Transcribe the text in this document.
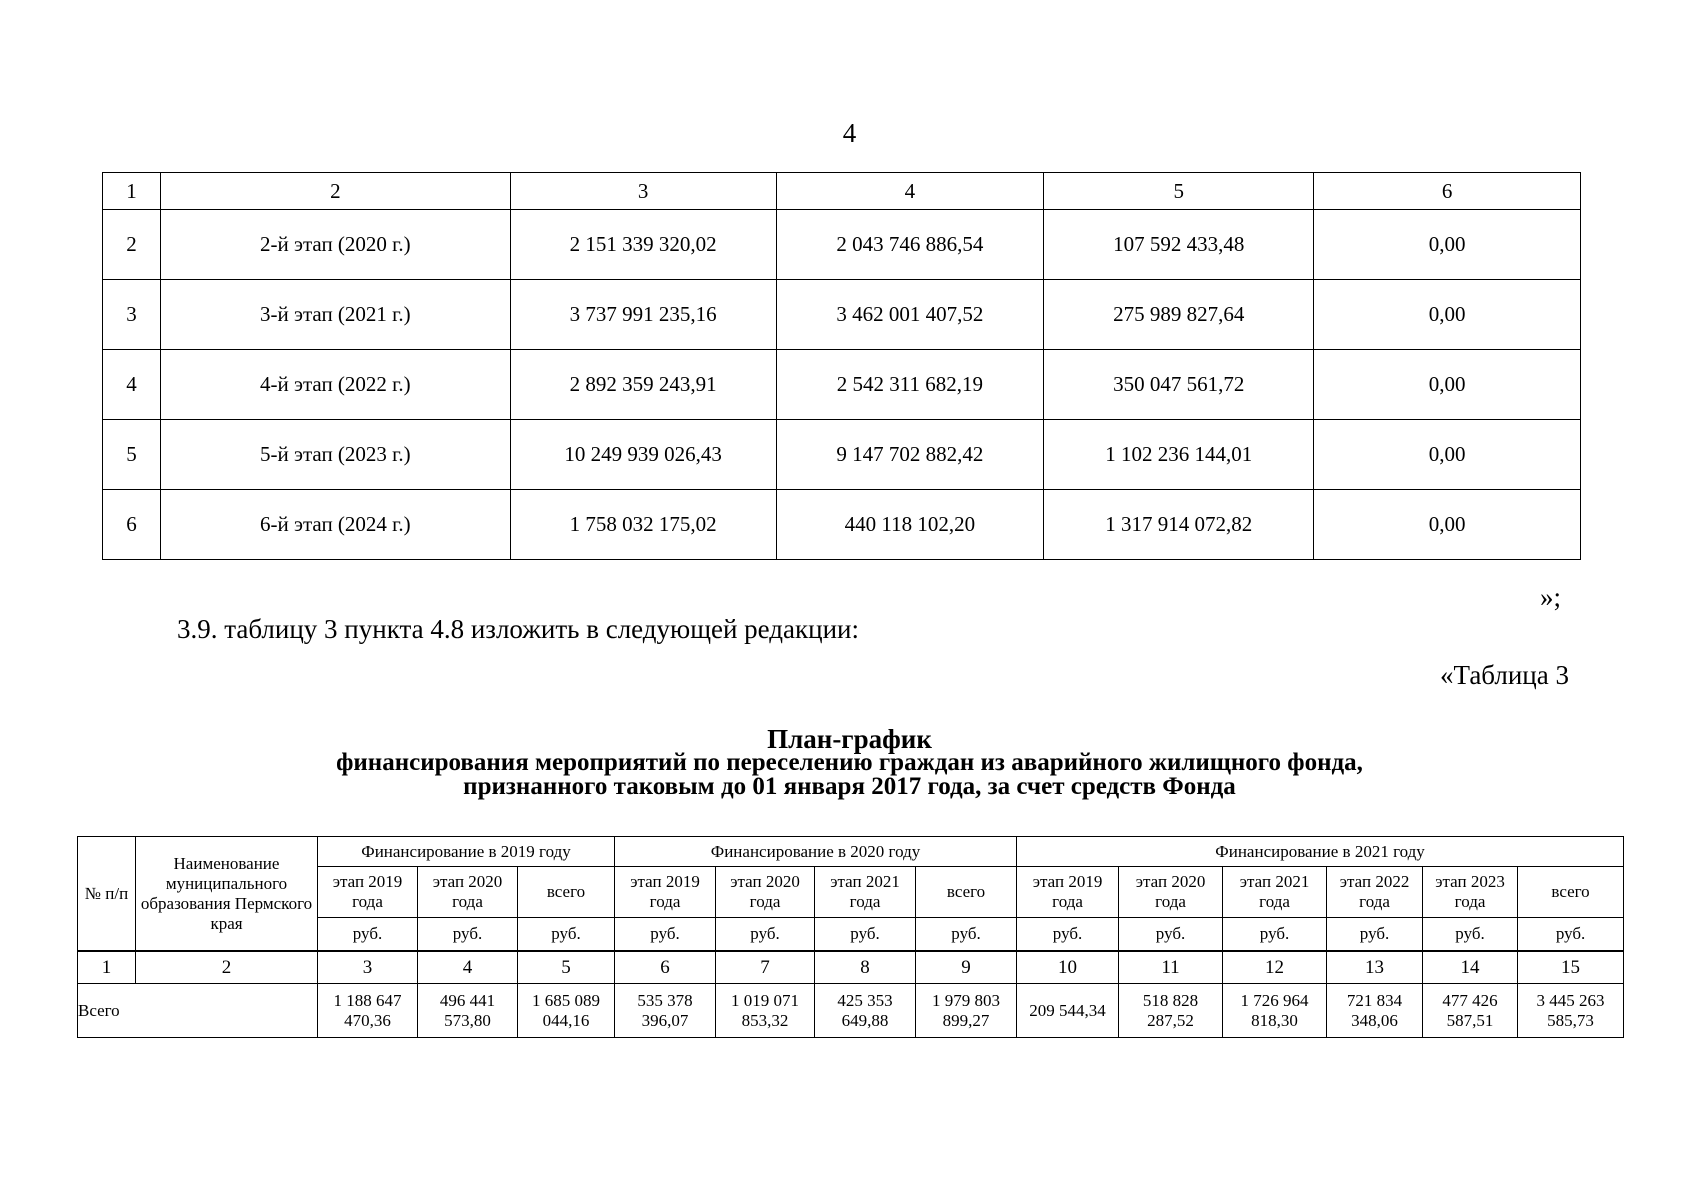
4
1	2	3	4	5	6
2	2-й этап (2020 г.)	2 151 339 320,02	2 043 746 886,54	107 592 433,48	0,00
3	3-й этап (2021 г.)	3 737 991 235,16	3 462 001 407,52	275 989 827,64	0,00
4	4-й этап (2022 г.)	2 892 359 243,91	2 542 311 682,19	350 047 561,72	0,00
5	5-й этап (2023 г.)	10 249 939 026,43	9 147 702 882,42	1 102 236 144,01	0,00
6	6-й этап (2024 г.)	1 758 032 175,02	440 118 102,20	1 317 914 072,82	0,00
»;
3.9. таблицу 3 пункта 4.8 изложить в следующей редакции:
«Таблица 3
План-график
финансирования мероприятий по переселению граждан из аварийного жилищного фонда,
признанного таковым до 01 января 2017 года, за счет средств Фонда
№ п/п	Наименование муниципального образования Пермского края	Финансирование в 2019 году			Финансирование в 2020 году				Финансирование в 2021 году					
		этап 2019 года	этап 2020 года	всего	этап 2019 года	этап 2020 года	этап 2021 года	всего	этап 2019 года	этап 2020 года	этап 2021 года	этап 2022 года	этап 2023 года	всего
		руб.	руб.	руб.	руб.	руб.	руб.	руб.	руб.	руб.	руб.	руб.	руб.	руб.
1	2	3	4	5	6	7	8	9	10	11	12	13	14	15
Всего		1 188 647 470,36	496 441 573,80	1 685 089 044,16	535 378 396,07	1 019 071 853,32	425 353 649,88	1 979 803 899,27	209 544,34	518 828 287,52	1 726 964 818,30	721 834 348,06	477 426 587,51	3 445 263 585,73
